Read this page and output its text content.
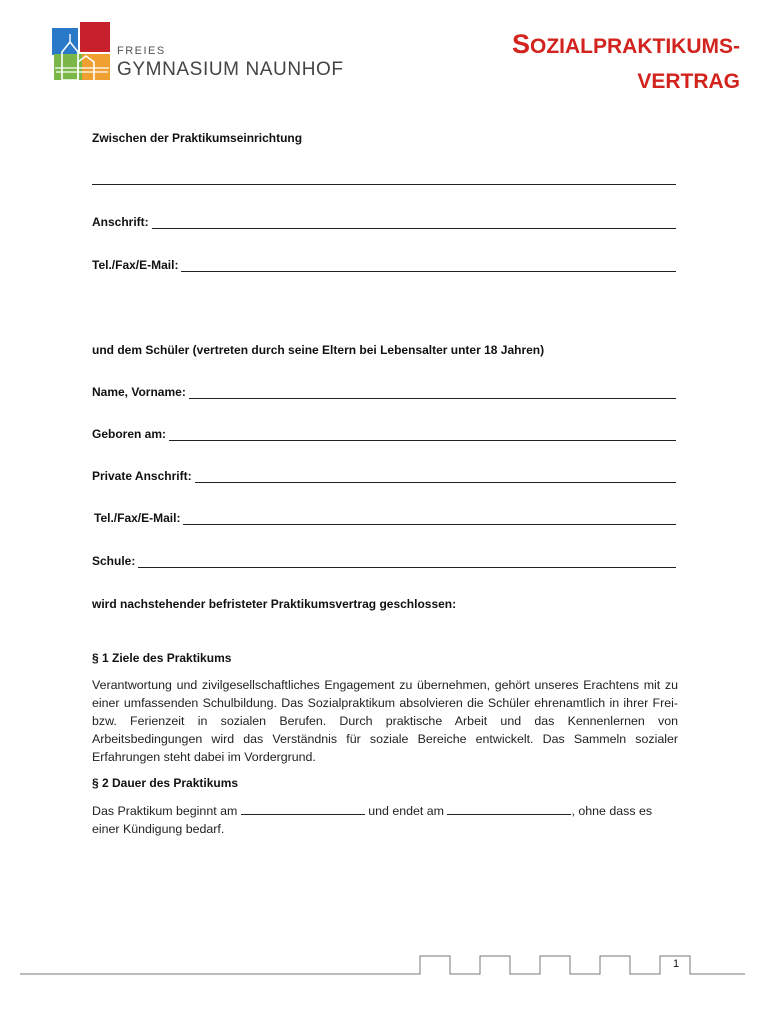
FREIES
GYMNASIUM NAUNHOF
SOZIALPRAKTIKUMS-
VERTRAG
Zwischen der Praktikumseinrichtung
Anschrift:
Tel./Fax/E-Mail:
und dem Schüler (vertreten durch seine Eltern bei Lebensalter unter 18 Jahren)
Name, Vorname:
Geboren am:
Private Anschrift:
Tel./Fax/E-Mail:
Schule:
wird nachstehender befristeter Praktikumsvertrag geschlossen:
§ 1 Ziele des Praktikums
Verantwortung und zivilgesellschaftliches Engagement zu übernehmen, gehört unseres Erachtens mit zu einer umfassenden Schulbildung. Das Sozialpraktikum absolvieren die Schüler ehrenamtlich in ihrer Frei- bzw. Ferienzeit in sozialen Berufen. Durch praktische Arbeit und das Kennenlernen von Arbeitsbedingungen wird das Verständnis für soziale Bereiche entwickelt. Das Sammeln sozialer Erfahrungen steht dabei im Vordergrund.
§ 2 Dauer des Praktikums
Das Praktikum beginnt am	und endet am	, ohne dass es einer Kündigung bedarf.
1
